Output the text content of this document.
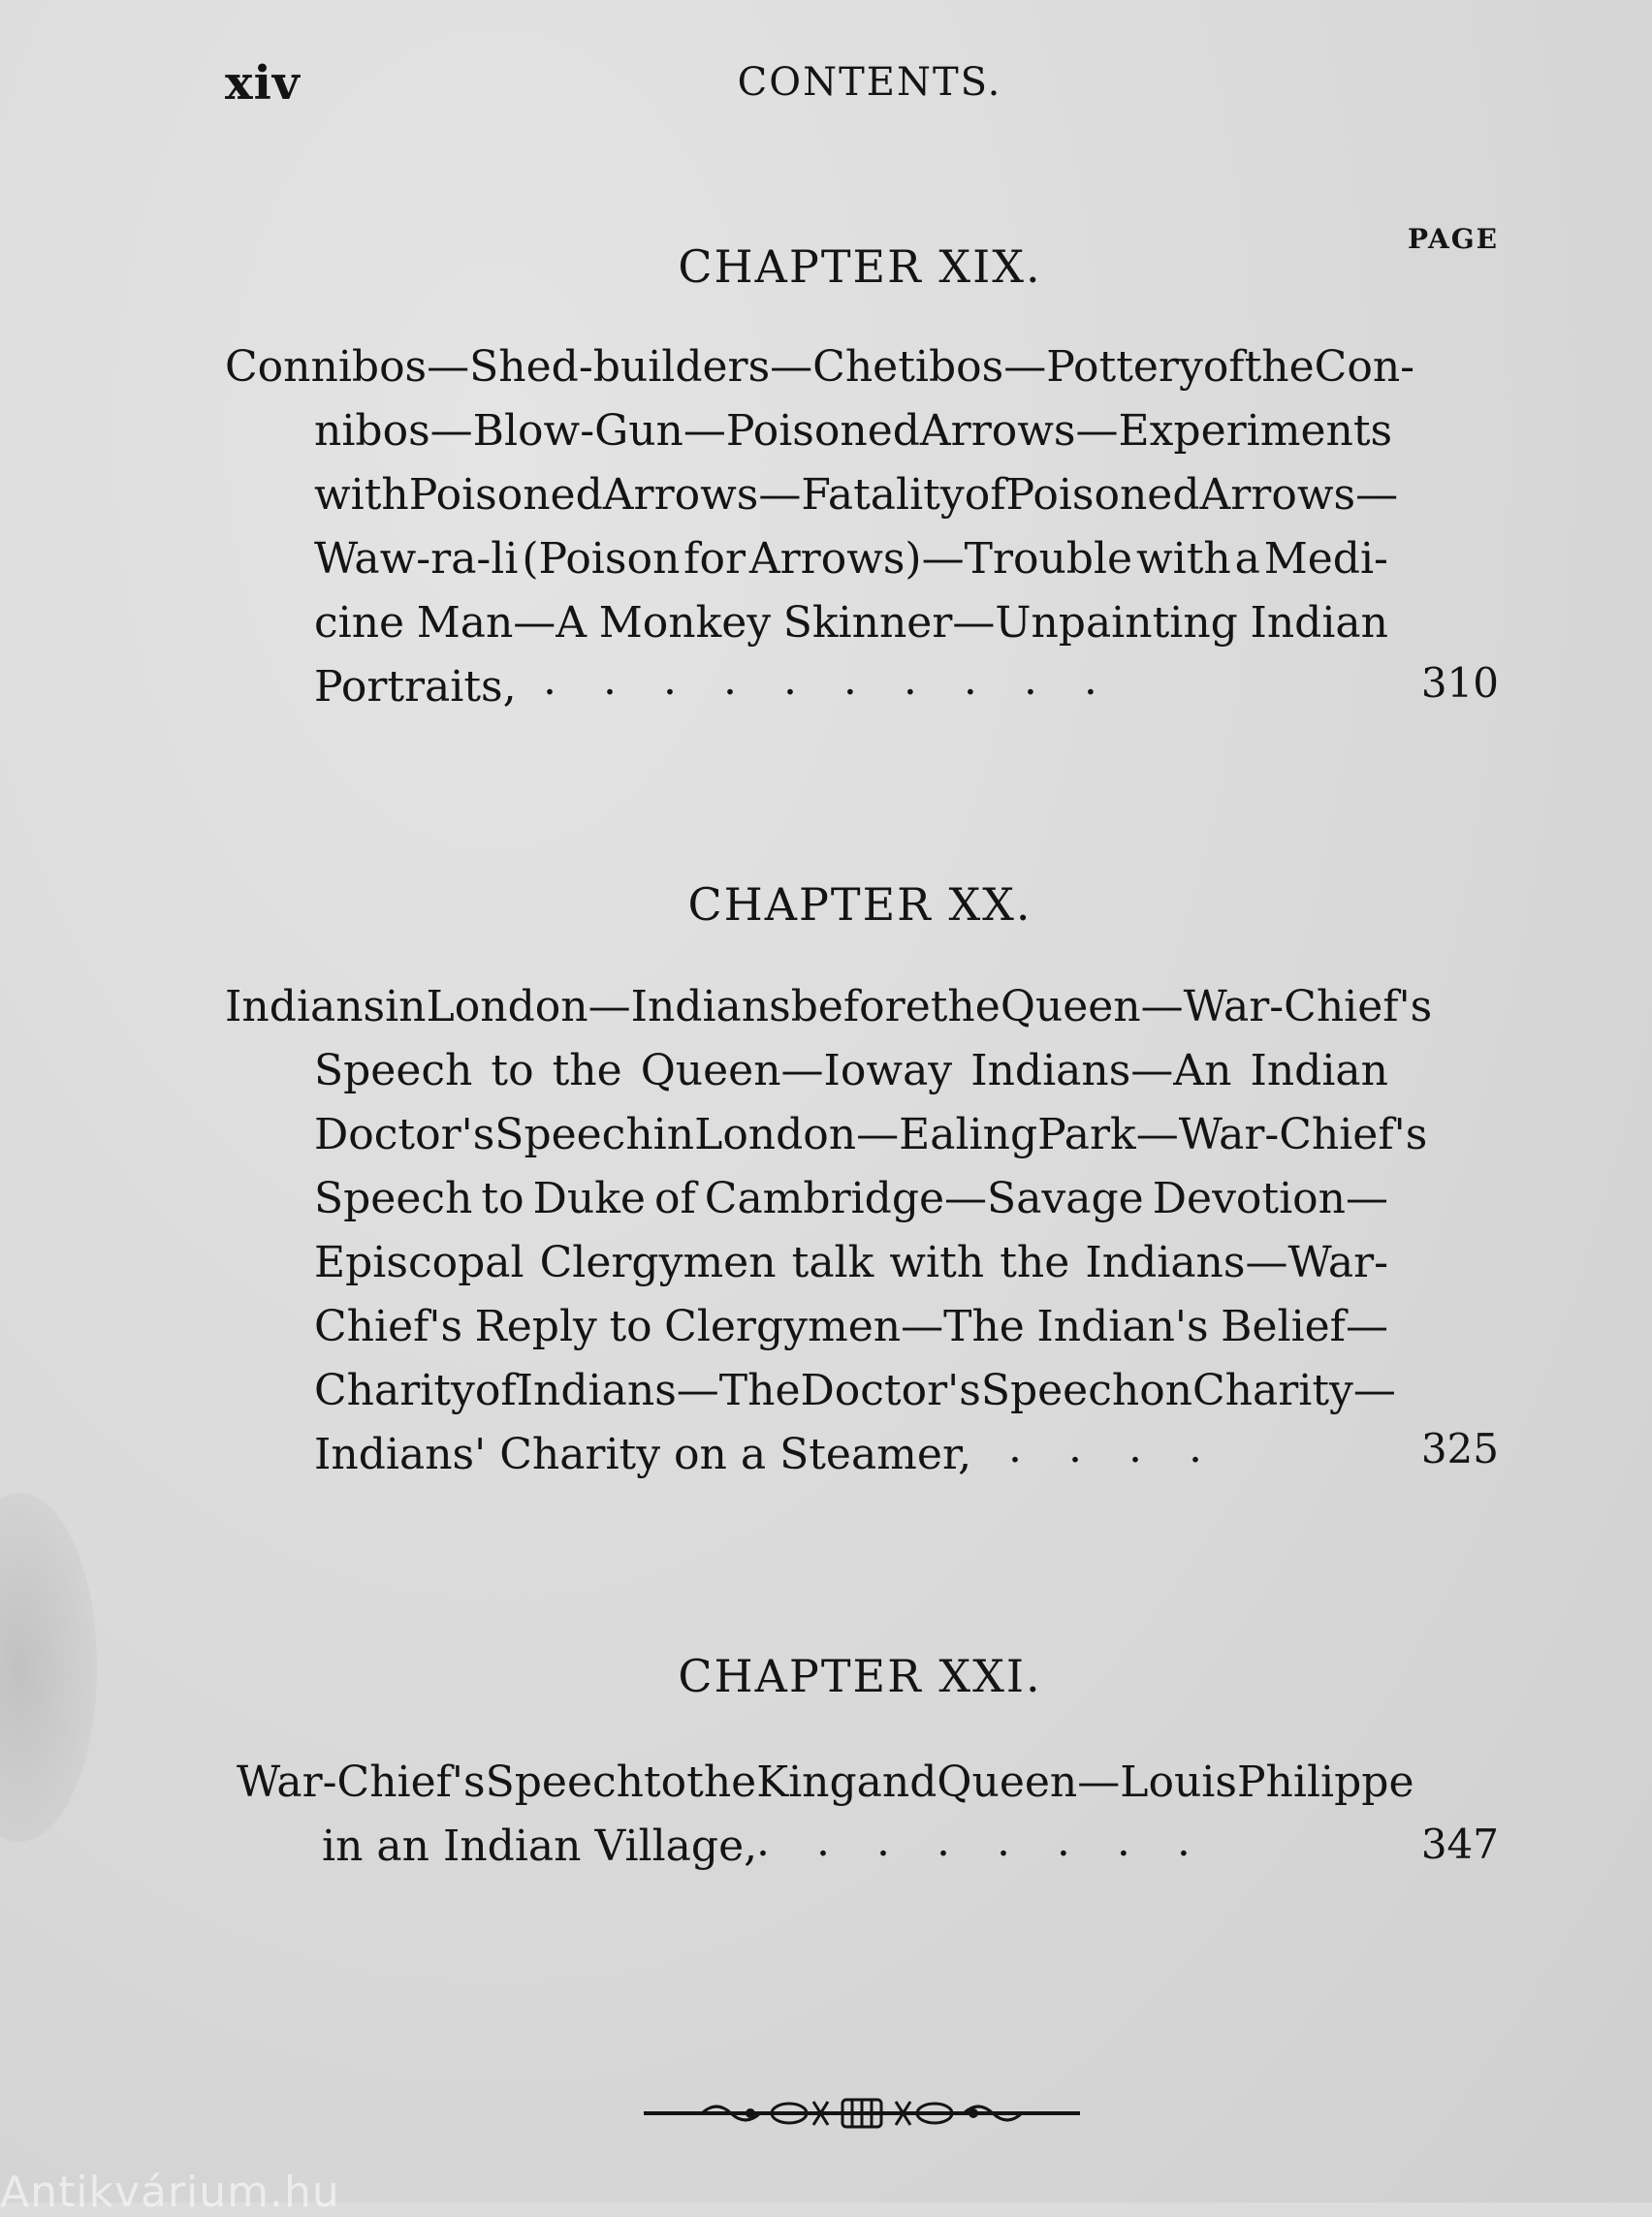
xiv	CONTENTS.
PAGE
CHAPTER XIX.
Connibos—Shed-builders—Chetibos—Pottery of the Con-
nibos—Blow-Gun — Poisoned Arrows — Experiments
with Poisoned Arrows—Fatality of Poisoned Arrows—
Waw-ra-li (Poison for Arrows)—Trouble with a Medi-
cine Man—A Monkey Skinner—Unpainting Indian
Portraits, ..........	310
CHAPTER XX.
Indians in London—Indians before the Queen—War-Chief's
Speech to the Queen—Ioway Indians—An Indian
Doctor's Speech in London—Ealing Park—War-Chief's
Speech to Duke of Cambridge—Savage Devotion—
Episcopal Clergymen talk with the Indians—War-
Chief's Reply to Clergymen—The Indian's Belief—
Charity of Indians—The Doctor's Speech on Charity—
Indians' Charity on a Steamer, ....	325
CHAPTER XXI.
War-Chief's Speech to the King and Queen—Louis Philippe
in an Indian Village,
........	347
Antikvárium.hu
